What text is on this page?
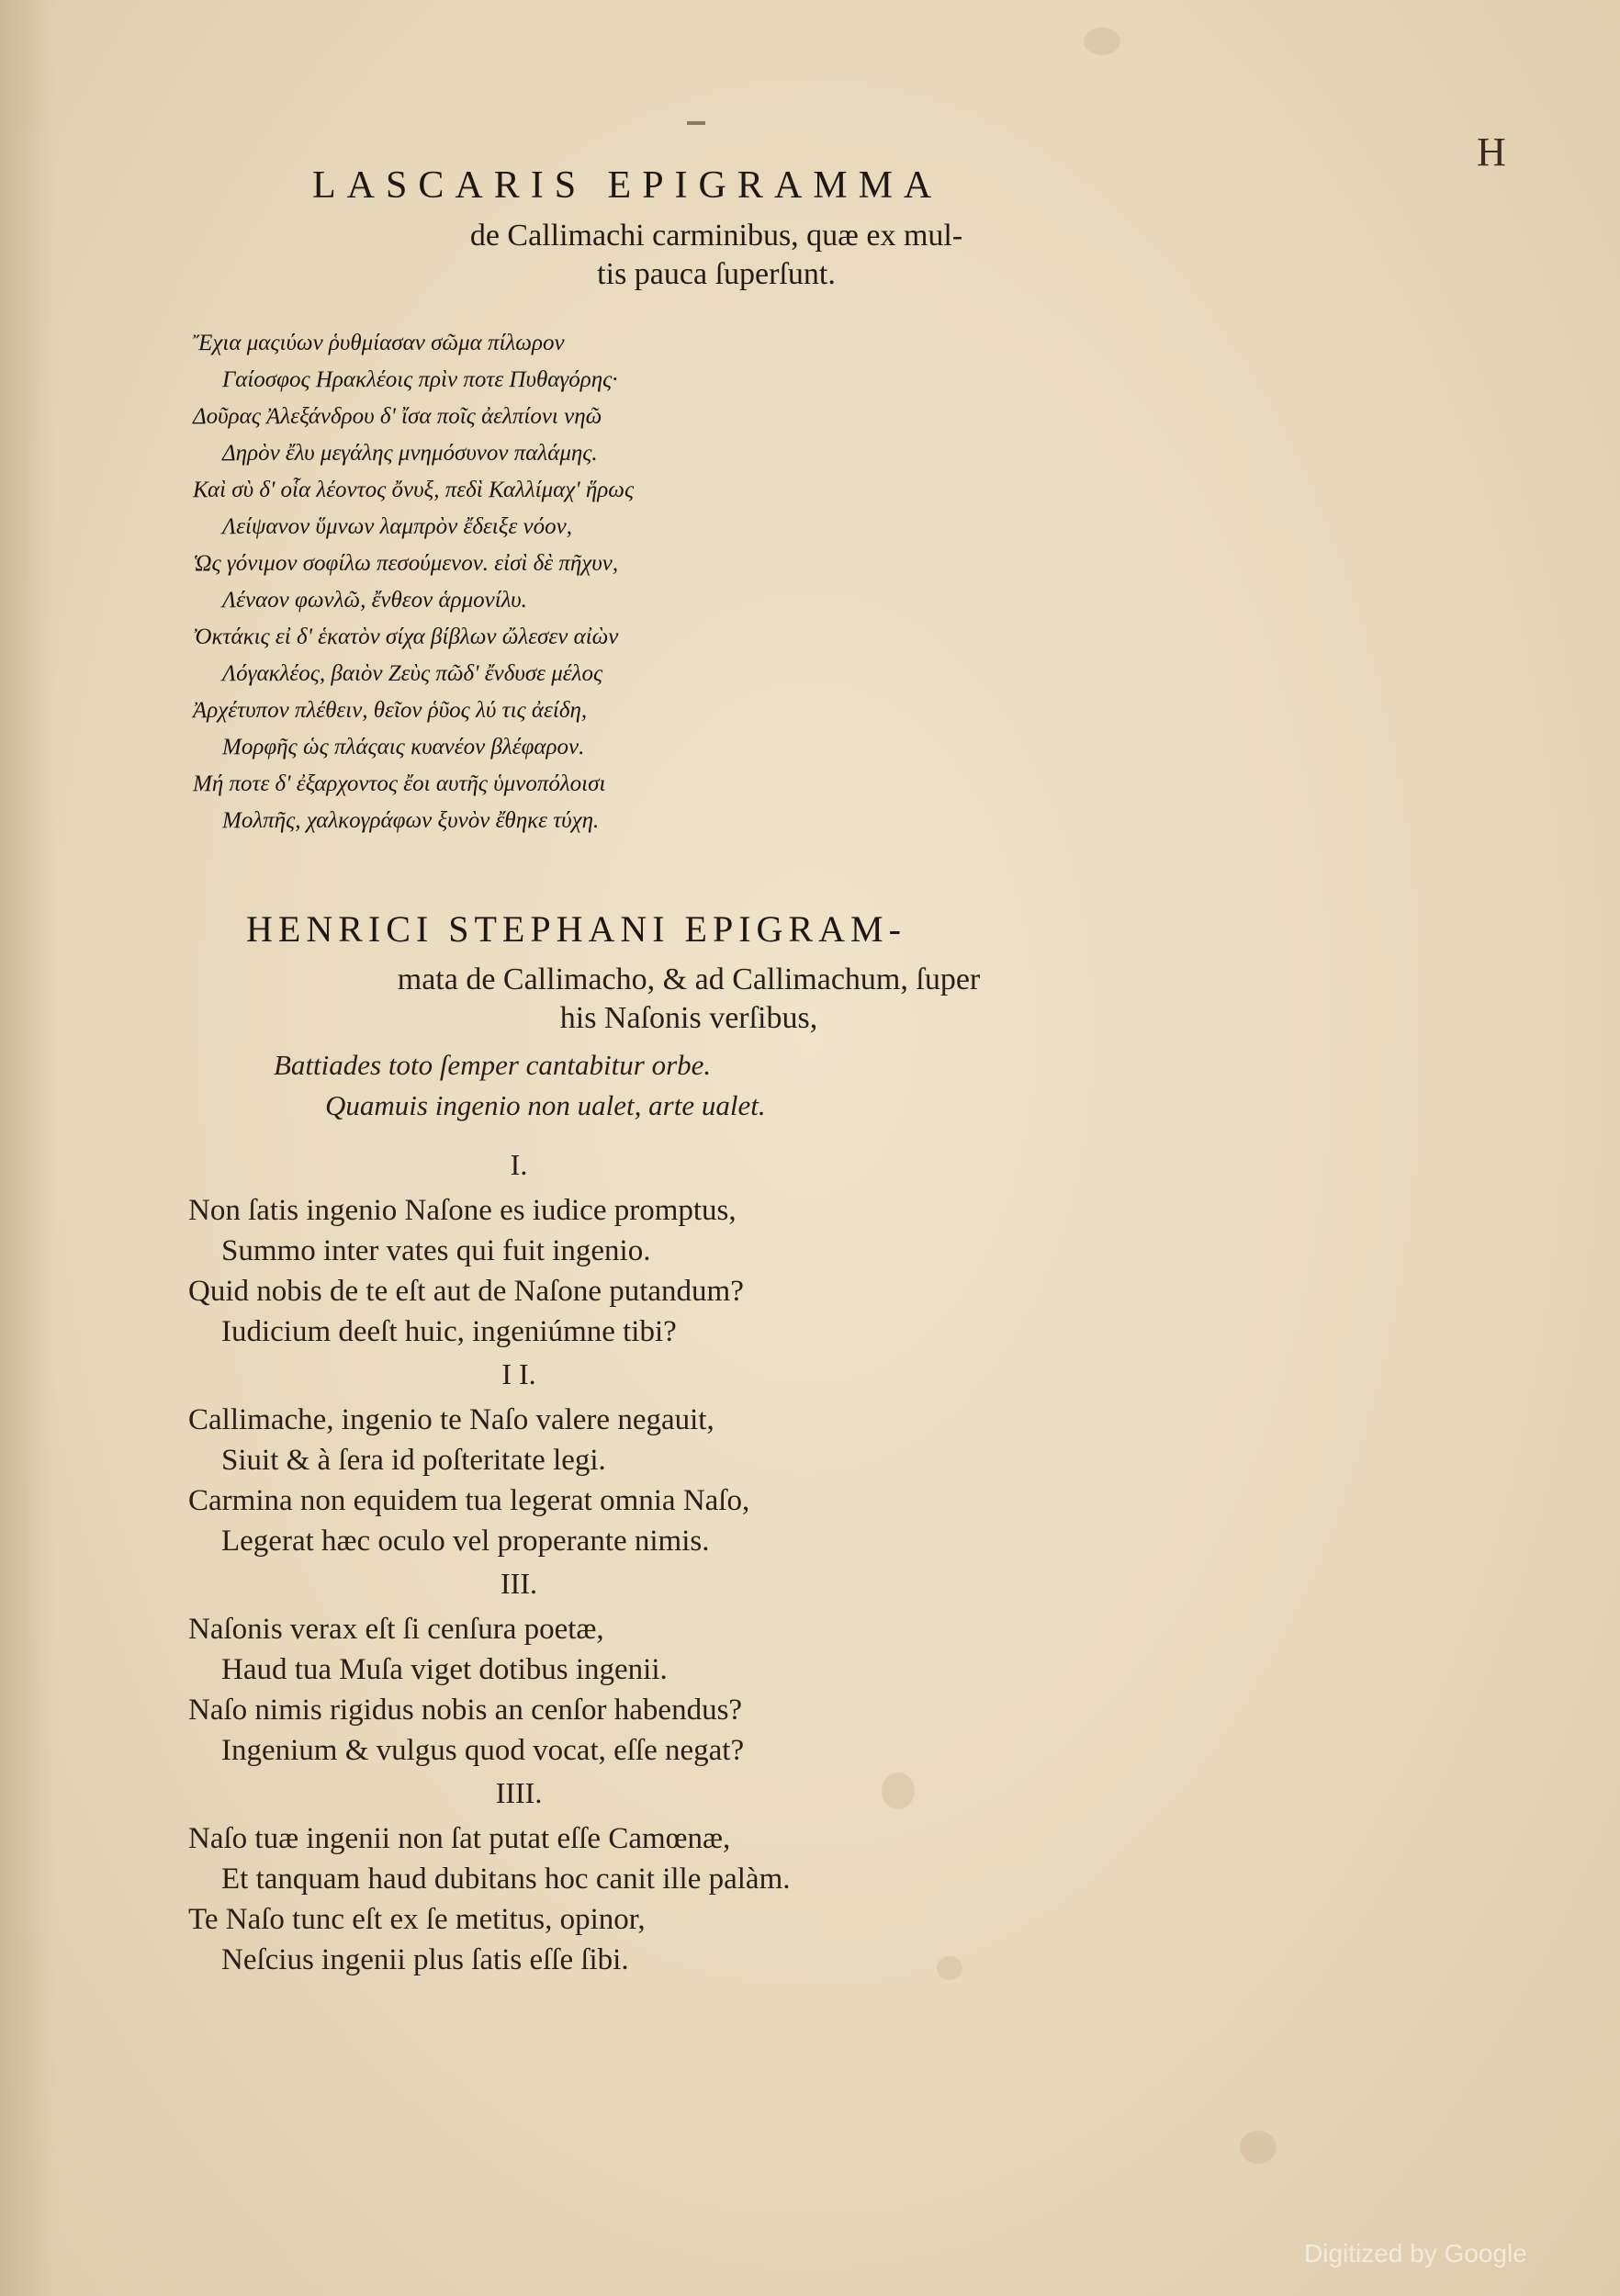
H
LASCARIS EPIGRAMMA
de Callimachi carminibus, quæ ex mul-
tis pauca ſuperſunt.
Ἔχια μαςιύων ῥυθμίασαν σῶμα πίλωρον
Γαίοσφος Ηρακλέοις πρὶν ποτε Πυθαγόρης·
Δοῦρας Ἀλεξάνδρου δ' ἴσα ποῖς ἀελπίονι νηῶ
Δηρὸν ἔλυ μεγάλης μνημόσυνον παλάμης.
Καὶ σὺ δ' οἷα λέοντος ὄνυξ, πεδὶ Καλλίμαχ' ἥρως
Λείψανον ὕμνων λαμπρὸν ἔδειξε νόον,
Ὡς γόνιμον σοφίλω πεσούμενον. εἰσὶ δὲ πῆχυν,
Λέναον φωνλῶ, ἔνθεον ἁρμονίλυ.
Ὀκτάκις εἰ δ' ἑκατὸν σίχα βίβλων ὤλεσεν αἰὼν
Λόγακλέος, βαιὸν Ζεὺς πῶδ' ἔνδυσε μέλος
Ἀρχέτυπον πλέθειν, θεῖον ῥῦος λύ τις ἀείδη,
Μορφῆς ὡς πλάςαις κυανέον βλέφαρον.
Μή ποτε δ' ἐξαρχοντος ἔοι αυτῆς ὑμνοπόλοισι
Μολπῆς, χαλκογράφων ξυνὸν ἔθηκε τύχη.
HENRICI STEPHANI EPIGRAM-
mata de Callimacho, & ad Callimachum, ſuper
his Naſonis verſibus,
Battiades toto ſemper cantabitur orbe.
Quamuis ingenio non ualet, arte ualet.
I.
Non ſatis ingenio Naſone es iudice promptus,
Summo inter vates qui fuit ingenio.
Quid nobis de te eſt aut de Naſone putandum?
Iudicium deeſt huic, ingeniúmne tibi?
I I.
Callimache, ingenio te Naſo valere negauit,
Siuit & à ſera id poſteritate legi.
Carmina non equidem tua legerat omnia Naſo,
Legerat hæc oculo vel properante nimis.
III.
Naſonis verax eſt ſi cenſura poetæ,
Haud tua Muſa viget dotibus ingenii.
Naſo nimis rigidus nobis an cenſor habendus?
Ingenium & vulgus quod vocat, eſſe negat?
IIII.
Naſo tuæ ingenii non ſat putat eſſe Camœnæ,
Et tanquam haud dubitans hoc canit ille palàm.
Te Naſo tunc eſt ex ſe metitus, opinor,
Neſcius ingenii plus ſatis eſſe ſibi.
Digitized by Google
